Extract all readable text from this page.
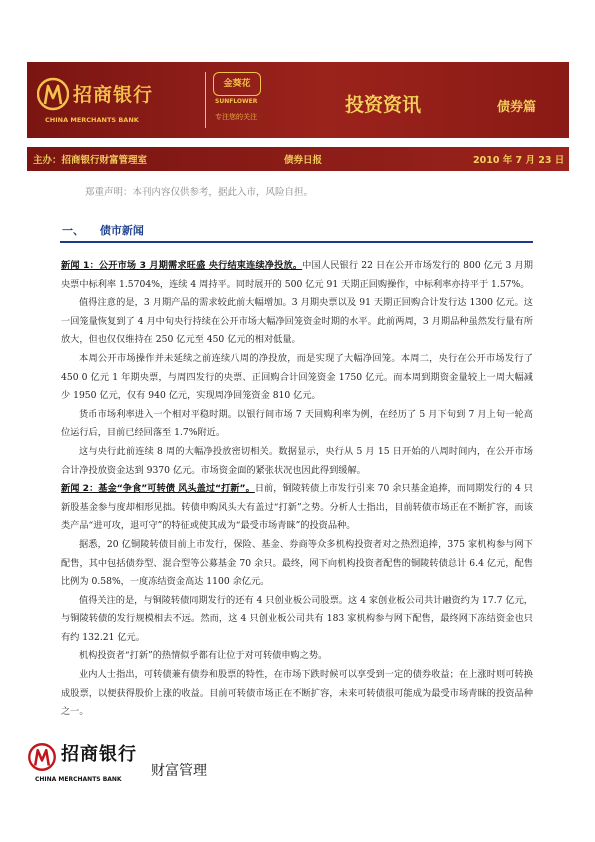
招商银行
CHINA MERCHANTS BANK
金葵花
SUNFLOWER
专注您的关注
投资资讯	债券篇
主办：招商银行财富管理室	债券日报	2010 年 7 月 23 日
郑重声明：本刊内容仅供参考，据此入市，风险自担。
一、 债市新闻

新闻 1：公开市场 3 月期需求旺盛 央行结束连续净投放。中国人民银行 22 日在公开市场发行的 800 亿元 3 月期央票中标利率 1.5704%，连续 4 周持平。同时展开的 500 亿元 91 天期正回购操作，中标利率亦持平于 1.57%。

值得注意的是，3 月期产品的需求较此前大幅增加。3 月期央票以及 91 天期正回购合计发行达 1300 亿元。这一回笼量恢复到了 4 月中旬央行持续在公开市场大幅净回笼资金时期的水平。此前两周，3 月期品种虽然发行量有所放大，但也仅仅维持在 250 亿元至 450 亿元的相对低量。

本周公开市场操作并未延续之前连续八周的净投放，而是实现了大幅净回笼。本周二，央行在公开市场发行了 450 0 亿元 1 年期央票，与周四发行的央票、正回购合计回笼资金 1750 亿元。而本周到期资金量较上一周大幅减少 1950 亿元，仅有 940 亿元，实现周净回笼资金 810 亿元。

货币市场利率进入一个相对平稳时期。以银行间市场 7 天回购利率为例，在经历了 5 月下旬到 7 月上旬一轮高位运行后，目前已经回落至 1.7%附近。

这与央行此前连续 8 周的大幅净投放密切相关。数据显示，央行从 5 月 15 日开始的八周时间内，在公开市场合计净投放资金达到 9370 亿元。市场资金面的紧张状况也因此得到缓解。

新闻 2：基金“争食”可转债 风头盖过“打新”。日前，铜陵转债上市发行引来 70 余只基金追捧，而同期发行的 4 只新股基金参与度却相形见拙。转债申购风头大有盖过“打新”之势。分析人士指出，目前转债市场正在不断扩容，而该类产品“进可攻，退可守”的特征或使其成为“最受市场青睐”的投资品种。

据悉，20 亿铜陵转债目前上市发行，保险、基金、券商等众多机构投资者对之热烈追捧，375 家机构参与网下配售，其中包括债券型、混合型等公募基金 70 余只。最终，网下向机构投资者配售的铜陵转债总计 6.4 亿元，配售比例为 0.58%，一度冻结资金高达 1100 余亿元。

值得关注的是，与铜陵转债同期发行的还有 4 只创业板公司股票。这 4 家创业板公司共计融资约为 17.7 亿元，与铜陵转债的发行规模相去不远。然而，这 4 只创业板公司共有 183 家机构参与网下配售，最终网下冻结资金也只有约 132.21 亿元。

机构投资者“打新”的热情似乎都有让位于对可转债申购之势。

业内人士指出，可转债兼有债券和股票的特性，在市场下跌时候可以享受到一定的债券收益；在上涨时则可转换成股票，以便获得股价上涨的收益。目前可转债市场正在不断扩容，未来可转债很可能成为最受市场青睐的投资品种之一。

招商银行
CHINA MERCHANTS BANK
财富管理
